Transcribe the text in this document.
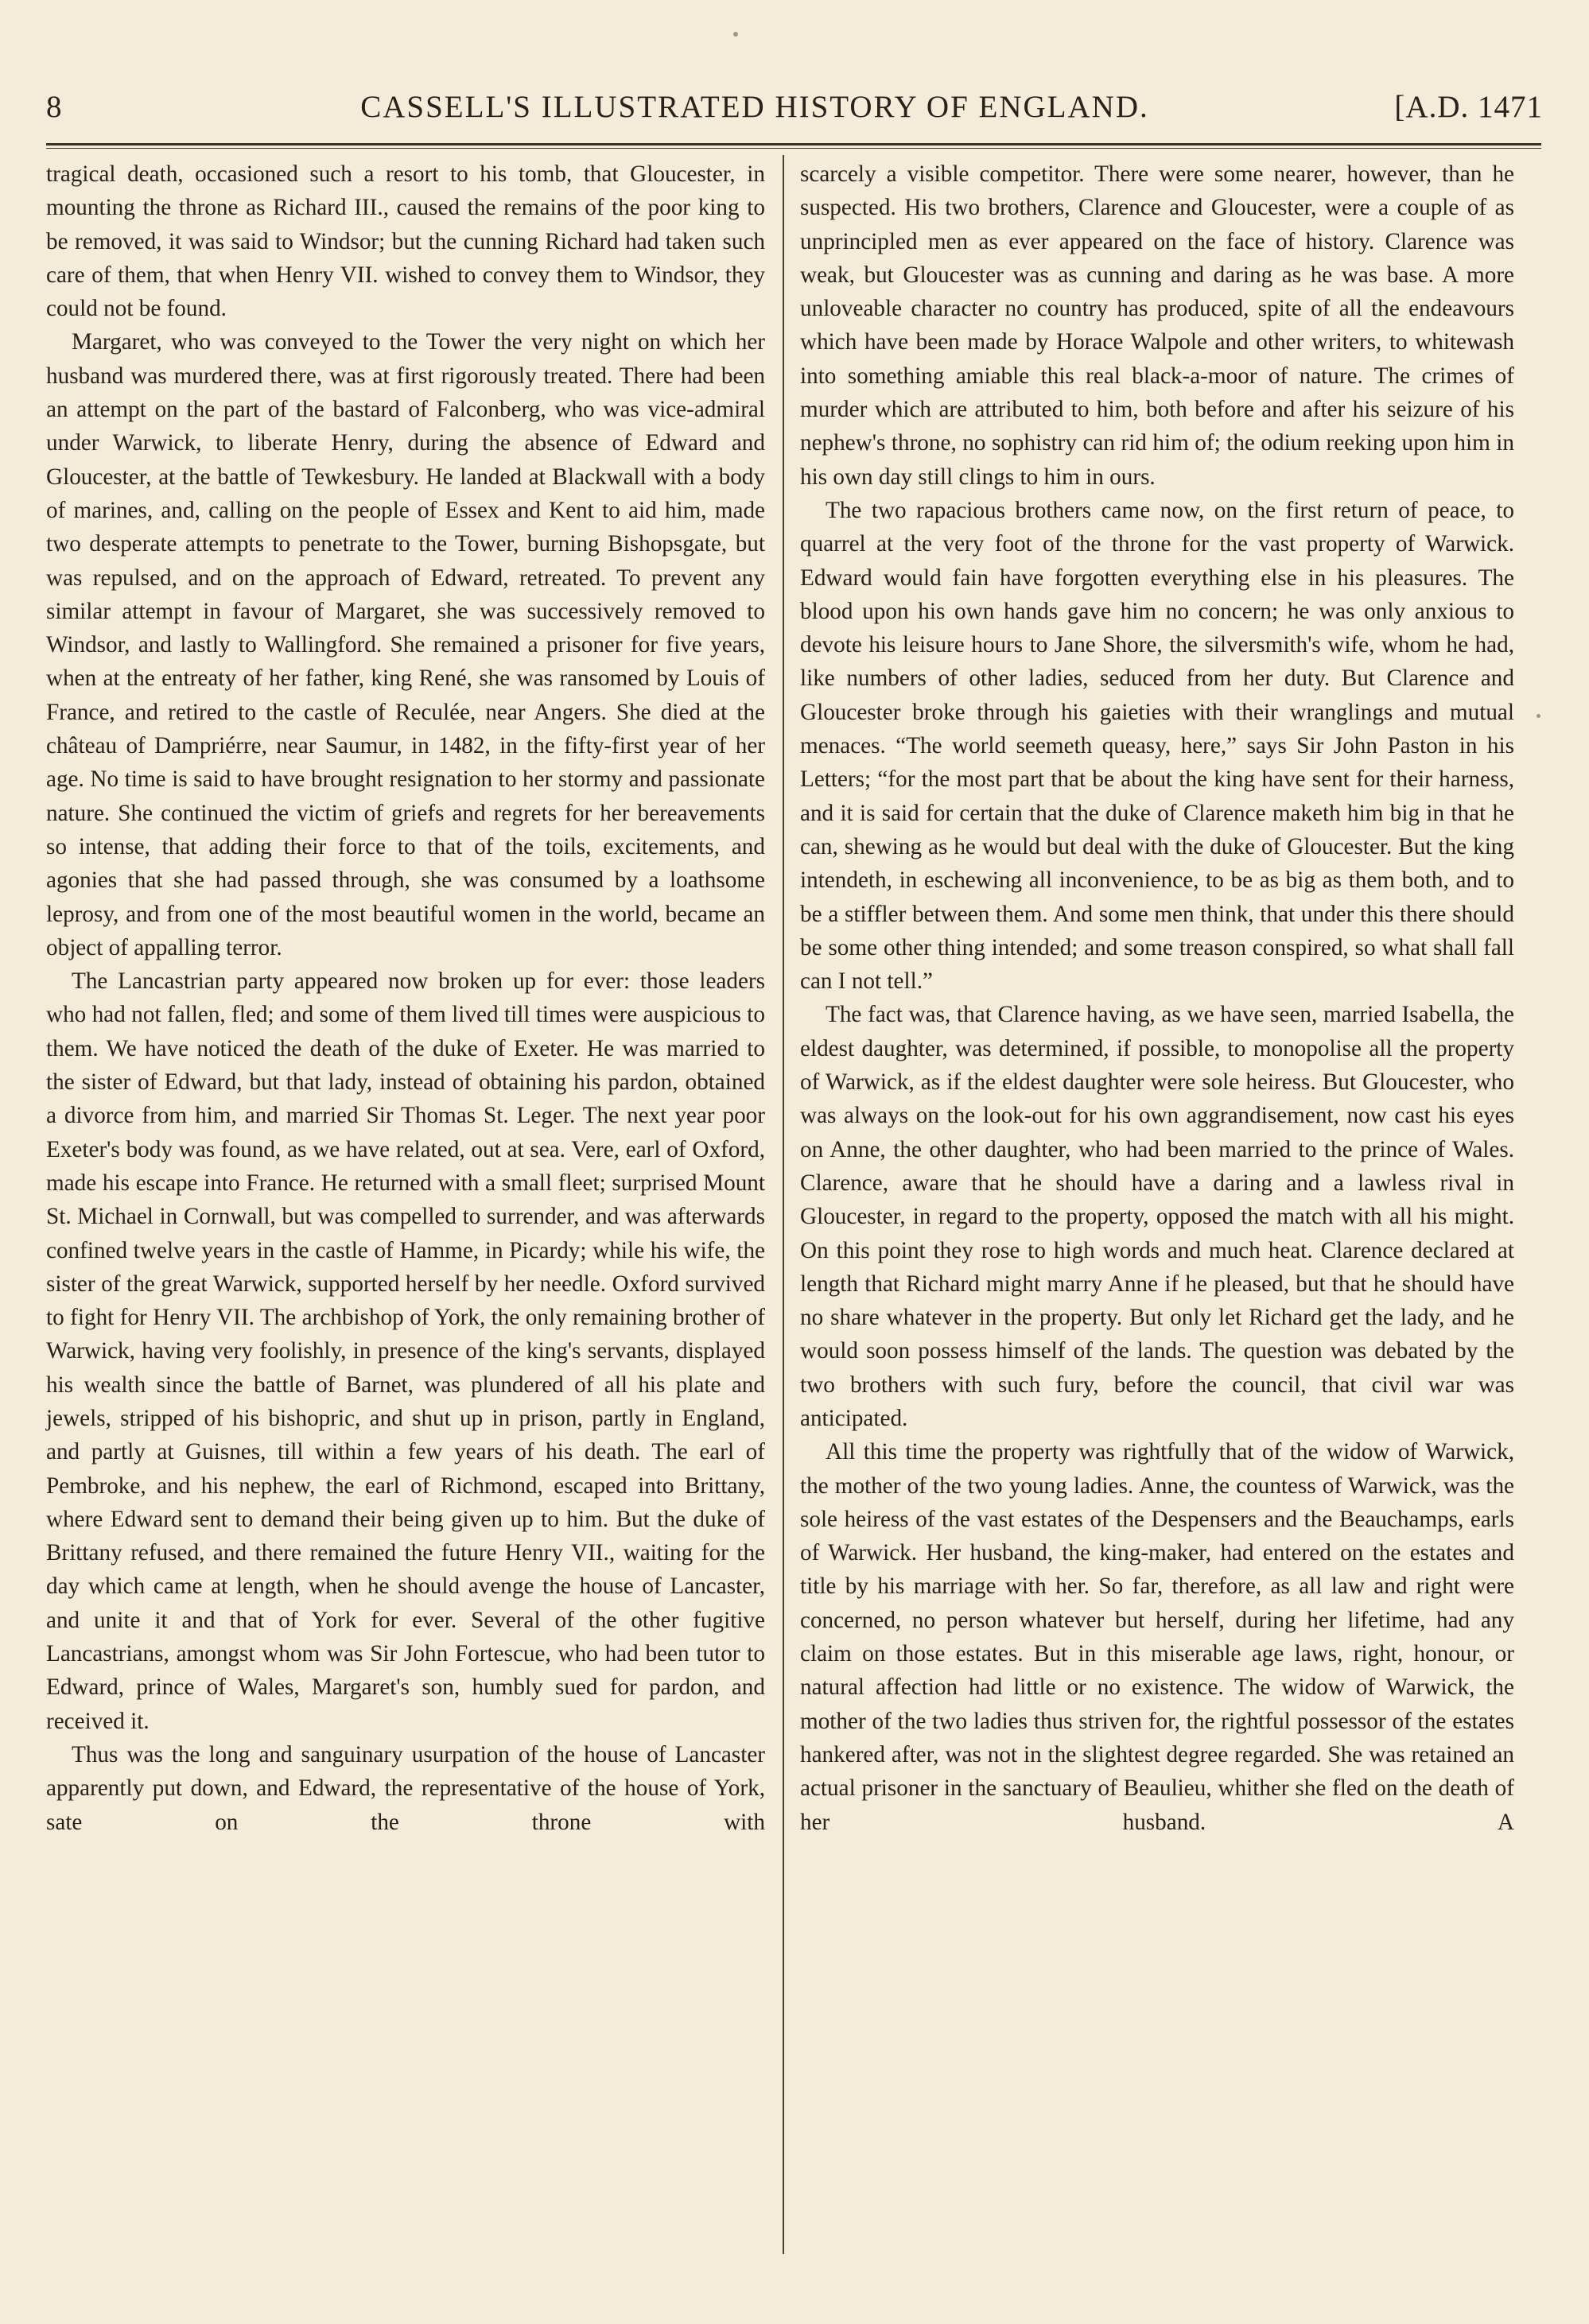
8	CASSELL'S ILLUSTRATED HISTORY OF ENGLAND.	[A.D. 1471

tragical death, occasioned such a resort to his tomb, that Gloucester, in mounting the throne as Richard III., caused the remains of the poor king to be removed, it was said to Windsor; but the cunning Richard had taken such care of them, that when Henry VII. wished to convey them to Windsor, they could not be found.

Margaret, who was conveyed to the Tower the very night on which her husband was murdered there, was at first rigorously treated. There had been an attempt on the part of the bastard of Falconberg, who was vice-admiral under Warwick, to liberate Henry, during the absence of Edward and Gloucester, at the battle of Tewkesbury. He landed at Blackwall with a body of marines, and, calling on the people of Essex and Kent to aid him, made two desperate attempts to penetrate to the Tower, burning Bishopsgate, but was repulsed, and on the approach of Edward, retreated. To prevent any similar attempt in favour of Margaret, she was successively removed to Windsor, and lastly to Wallingford. She remained a prisoner for five years, when at the entreaty of her father, king René, she was ransomed by Louis of France, and retired to the castle of Reculée, near Angers. She died at the château of Dampriérre, near Saumur, in 1482, in the fifty-first year of her age. No time is said to have brought resignation to her stormy and passionate nature. She continued the victim of griefs and regrets for her bereavements so intense, that adding their force to that of the toils, excitements, and agonies that she had passed through, she was consumed by a loathsome leprosy, and from one of the most beautiful women in the world, became an object of appalling terror.

The Lancastrian party appeared now broken up for ever: those leaders who had not fallen, fled; and some of them lived till times were auspicious to them. We have noticed the death of the duke of Exeter. He was married to the sister of Edward, but that lady, instead of obtaining his pardon, obtained a divorce from him, and married Sir Thomas St. Leger. The next year poor Exeter's body was found, as we have related, out at sea. Vere, earl of Oxford, made his escape into France. He returned with a small fleet; surprised Mount St. Michael in Cornwall, but was compelled to surrender, and was afterwards confined twelve years in the castle of Hamme, in Picardy; while his wife, the sister of the great Warwick, supported herself by her needle. Oxford survived to fight for Henry VII. The archbishop of York, the only remaining brother of Warwick, having very foolishly, in presence of the king's servants, displayed his wealth since the battle of Barnet, was plundered of all his plate and jewels, stripped of his bishopric, and shut up in prison, partly in England, and partly at Guisnes, till within a few years of his death. The earl of Pembroke, and his nephew, the earl of Richmond, escaped into Brittany, where Edward sent to demand their being given up to him. But the duke of Brittany refused, and there remained the future Henry VII., waiting for the day which came at length, when he should avenge the house of Lancaster, and unite it and that of York for ever. Several of the other fugitive Lancastrians, amongst whom was Sir John Fortescue, who had been tutor to Edward, prince of Wales, Margaret's son, humbly sued for pardon, and received it.

Thus was the long and sanguinary usurpation of the house of Lancaster apparently put down, and Edward, the representative of the house of York, sate on the throne with

scarcely a visible competitor. There were some nearer, however, than he suspected. His two brothers, Clarence and Gloucester, were a couple of as unprincipled men as ever appeared on the face of history. Clarence was weak, but Gloucester was as cunning and daring as he was base. A more unloveable character no country has produced, spite of all the endeavours which have been made by Horace Walpole and other writers, to whitewash into something amiable this real black-a-moor of nature. The crimes of murder which are attributed to him, both before and after his seizure of his nephew's throne, no sophistry can rid him of; the odium reeking upon him in his own day still clings to him in ours.

The two rapacious brothers came now, on the first return of peace, to quarrel at the very foot of the throne for the vast property of Warwick. Edward would fain have forgotten everything else in his pleasures. The blood upon his own hands gave him no concern; he was only anxious to devote his leisure hours to Jane Shore, the silversmith's wife, whom he had, like numbers of other ladies, seduced from her duty. But Clarence and Gloucester broke through his gaieties with their wranglings and mutual menaces. “The world seemeth queasy, here,” says Sir John Paston in his Letters; “for the most part that be about the king have sent for their harness, and it is said for certain that the duke of Clarence maketh him big in that he can, shewing as he would but deal with the duke of Gloucester. But the king intendeth, in eschewing all inconvenience, to be as big as them both, and to be a stiffler between them. And some men think, that under this there should be some other thing intended; and some treason conspired, so what shall fall can I not tell.”

The fact was, that Clarence having, as we have seen, married Isabella, the eldest daughter, was determined, if possible, to monopolise all the property of Warwick, as if the eldest daughter were sole heiress. But Gloucester, who was always on the look-out for his own aggrandisement, now cast his eyes on Anne, the other daughter, who had been married to the prince of Wales. Clarence, aware that he should have a daring and a lawless rival in Gloucester, in regard to the property, opposed the match with all his might. On this point they rose to high words and much heat. Clarence declared at length that Richard might marry Anne if he pleased, but that he should have no share whatever in the property. But only let Richard get the lady, and he would soon possess himself of the lands. The question was debated by the two brothers with such fury, before the council, that civil war was anticipated.

All this time the property was rightfully that of the widow of Warwick, the mother of the two young ladies. Anne, the countess of Warwick, was the sole heiress of the vast estates of the Despensers and the Beauchamps, earls of Warwick. Her husband, the king-maker, had entered on the estates and title by his marriage with her. So far, therefore, as all law and right were concerned, no person whatever but herself, during her lifetime, had any claim on those estates. But in this miserable age laws, right, honour, or natural affection had little or no existence. The widow of Warwick, the mother of the two ladies thus striven for, the rightful possessor of the estates hankered after, was not in the slightest degree regarded. She was retained an actual prisoner in the sanctuary of Beaulieu, whither she fled on the death of her husband. A
